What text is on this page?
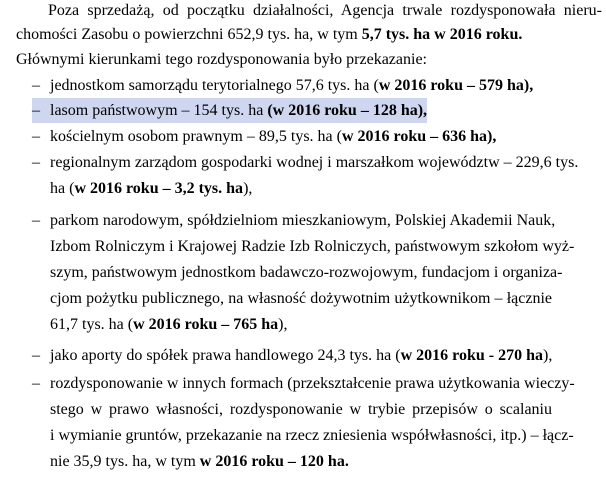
Poza sprzedażą, od początku działalności, Agencja trwale rozdysponowała nieru-
chomości Zasobu o powierzchni 652,9 tys. ha, w tym 5,7 tys. ha w 2016 roku.
Głównymi kierunkami tego rozdysponowania było przekazanie:
– jednostkom samorządu terytorialnego 57,6 tys. ha (w 2016 roku – 579 ha),
– lasom państwowym – 154 tys. ha (w 2016 roku – 128 ha),
– kościelnym osobom prawnym – 89,5 tys. ha (w 2016 roku – 636 ha),
– regionalnym zarządom gospodarki wodnej i marszałkom województw – 229,6 tys.
ha (w 2016 roku – 3,2 tys. ha),
– parkom narodowym, spółdzielniom mieszkaniowym, Polskiej Akademii Nauk,
Izbom Rolniczym i Krajowej Radzie Izb Rolniczych, państwowym szkołom wyż-
szym, państwowym jednostkom badawczo-rozwojowym, fundacjom i organiza-
cjom pożytku publicznego, na własność dożywotnim użytkownikom – łącznie
61,7 tys. ha (w 2016 roku – 765 ha),
– jako aporty do spółek prawa handlowego 24,3 tys. ha (w 2016 roku - 270 ha),
– rozdysponowanie w innych formach (przekształcenie prawa użytkowania wieczy-
stego w prawo własności, rozdysponowanie w trybie przepisów o scalaniu
i wymianie gruntów, przekazanie na rzecz zniesienia współwłasności, itp.) – łącz-
nie 35,9 tys. ha, w tym w 2016 roku – 120 ha.
